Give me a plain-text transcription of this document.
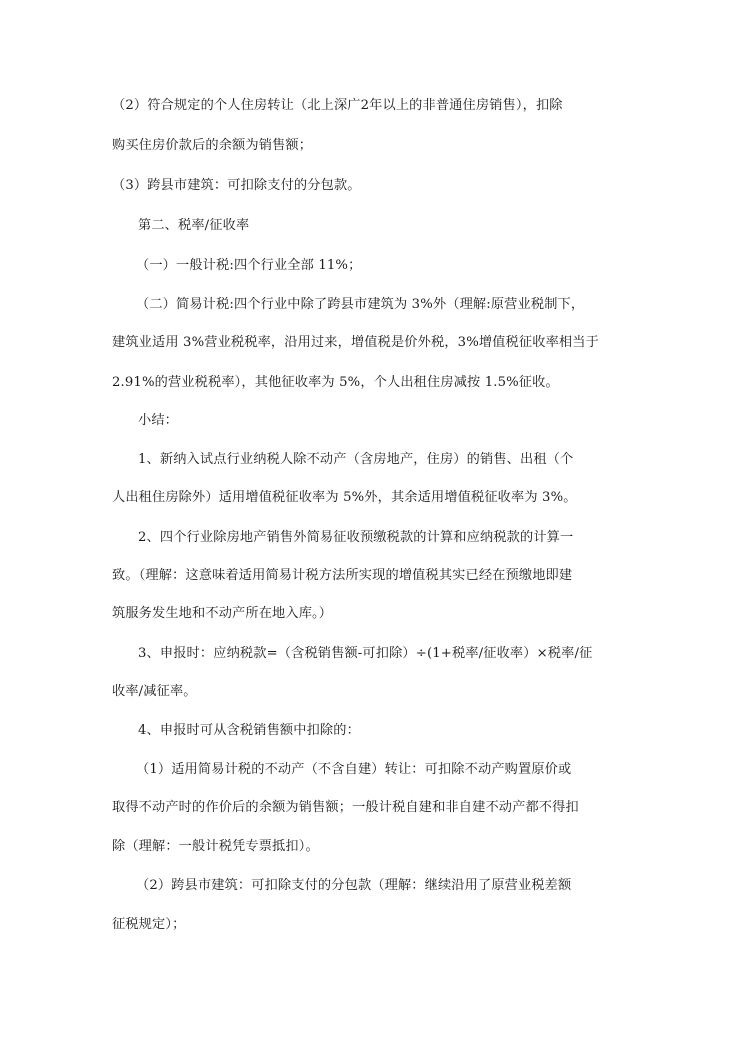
（2）符合规定的个人住房转让（北上深广2年以上的非普通住房销售），扣除
购买住房价款后的余额为销售额；
（3）跨县市建筑：可扣除支付的分包款。
第二、税率/征收率
（一）一般计税:四个行业全部 11%；
（二）简易计税:四个行业中除了跨县市建筑为 3%外（理解:原营业税制下，
建筑业适用 3%营业税税率，沿用过来，增值税是价外税，3%增值税征收率相当于
2.91%的营业税税率），其他征收率为 5%，个人出租住房减按 1.5%征收。
小结：
1、新纳入试点行业纳税人除不动产（含房地产，住房）的销售、出租（个
人出租住房除外）适用增值税征收率为 5%外，其余适用增值税征收率为 3%。
2、四个行业除房地产销售外简易征收预缴税款的计算和应纳税款的计算一
致。（理解：这意味着适用简易计税方法所实现的增值税其实已经在预缴地即建
筑服务发生地和不动产所在地入库。）
3、申报时：应纳税款=（含税销售额-可扣除）÷(1+税率/征收率）×税率/征
收率/减征率。
4、申报时可从含税销售额中扣除的：
（1）适用简易计税的不动产（不含自建）转让：可扣除不动产购置原价或
取得不动产时的作价后的余额为销售额；一般计税自建和非自建不动产都不得扣
除（理解：一般计税凭专票抵扣）。
（2）跨县市建筑：可扣除支付的分包款（理解：继续沿用了原营业税差额
征税规定）；
